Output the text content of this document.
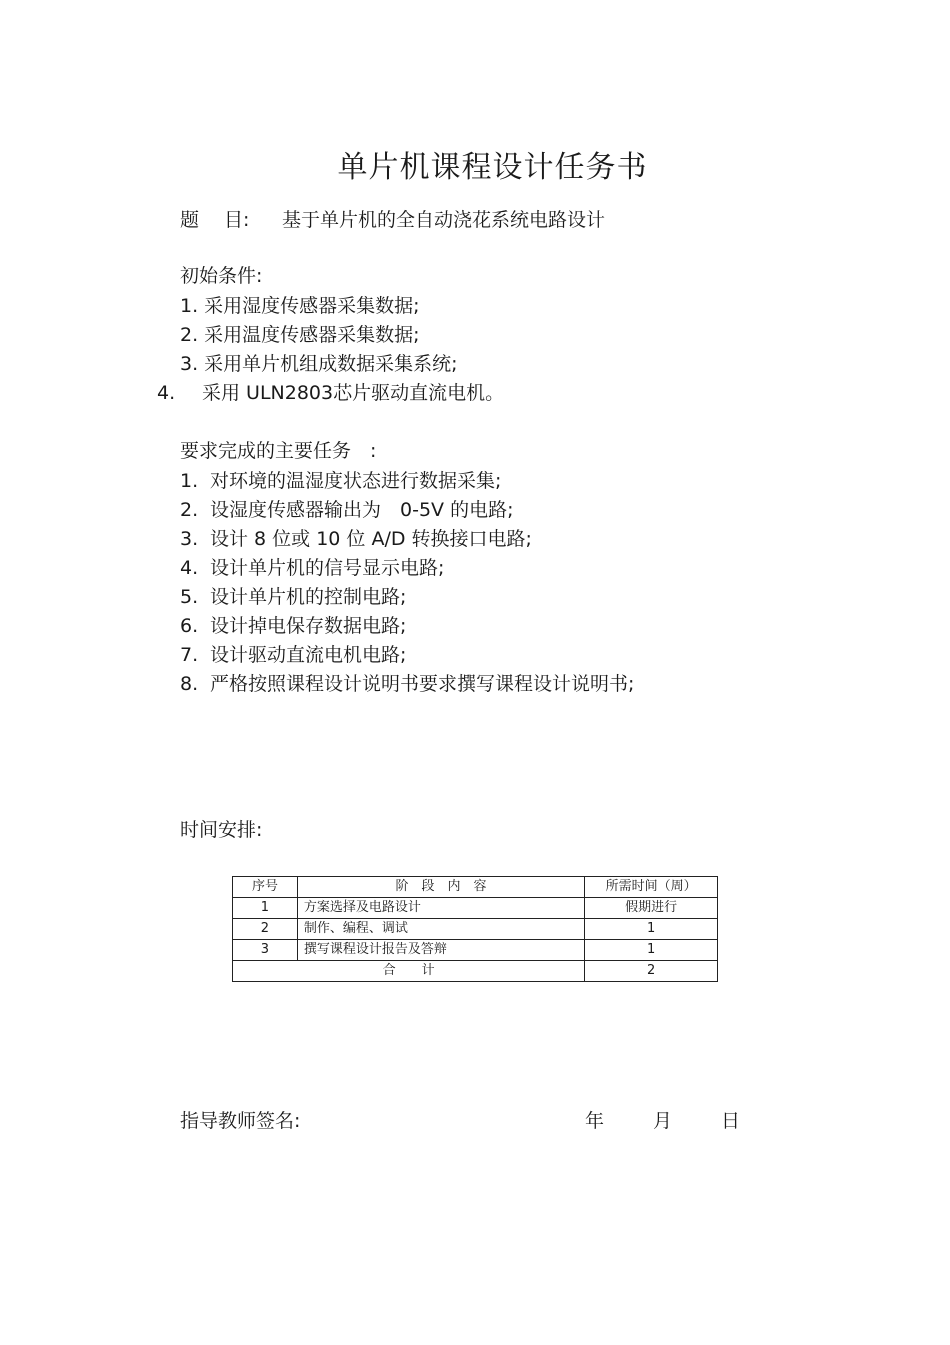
单片机课程设计任务书
题　 目: 基于单片机的全自动浇花系统电路设计
初始条件:
1. 采用湿度传感器采集数据;
2. 采用温度传感器采集数据;
3. 采用单片机组成数据采集系统;
4. 采用 ULN2803芯片驱动直流电机。
要求完成的主要任务　:
1. 对环境的温湿度状态进行数据采集;
2. 设湿度传感器输出为　0-5V 的电路;
3. 设计 8 位或 10 位 A/D 转换接口电路;
4. 设计单片机的信号显示电路;
5. 设计单片机的控制电路;
6. 设计掉电保存数据电路;
7. 设计驱动直流电机电路;
8. 严格按照课程设计说明书要求撰写课程设计说明书;
时间安排:
序号	阶　段　内　容	所需时间（周）
1	方案选择及电路设计	假期进行
2	制作、编程、调试	1
3	撰写课程设计报告及答辩	1
合　　计		2
指导教师签名:	年	月	日
